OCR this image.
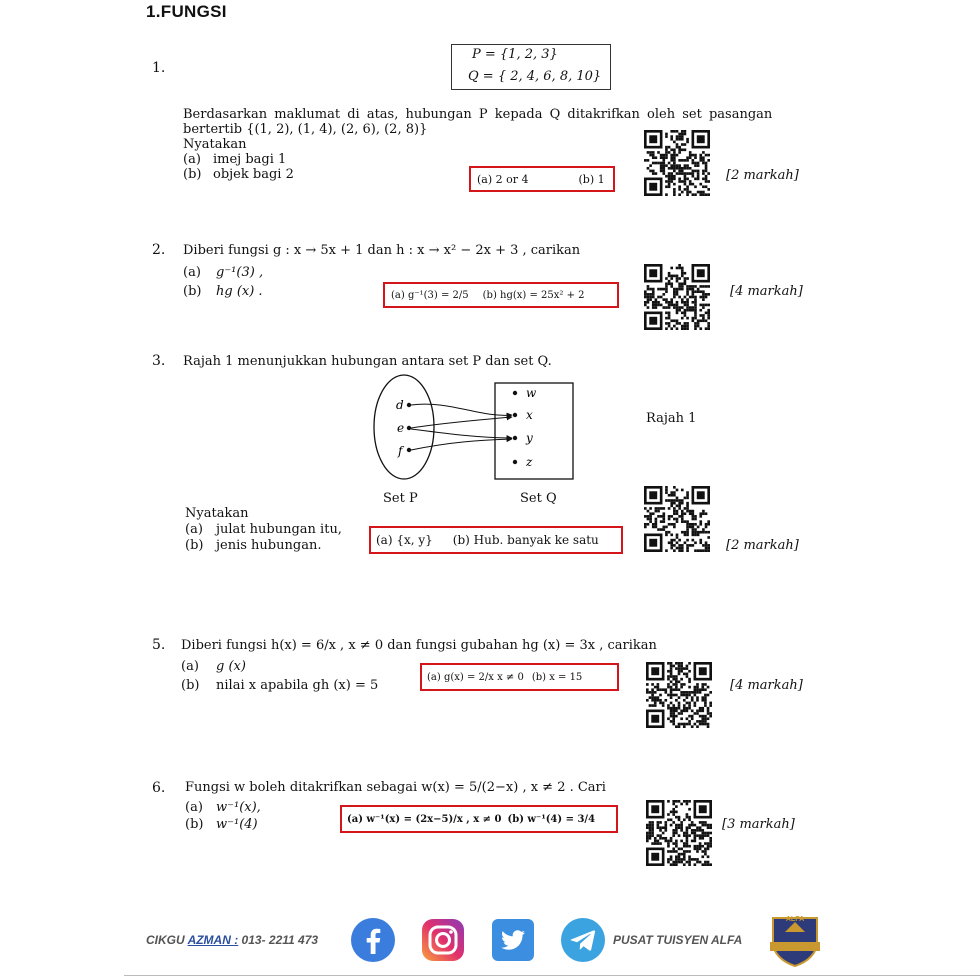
1.FUNGSI
1.
P = {1, 2, 3}
Q = { 2, 4, 6, 8, 10}
Berdasarkan maklumat di atas, hubungan P kepada Q ditakrifkan oleh set pasangan
bertertib {(1, 2), (1, 4), (2, 6), (2, 8)}
Nyatakan
(a) imej bagi 1
(b) objek bagi 2	(a) 2 or 4	(b) 1	[2 markah]
2. Diberi fungsi g : x → 5x + 1 dan h : x → x² − 2x + 3 , carikan
(a) g⁻¹(3) ,
(b) hg (x) .	(a) g⁻¹(3) = 2/5 (b) hg(x) = 25x² + 2	[4 markah]
3. Rajah 1 menunjukkan hubungan antara set P dan set Q.
d
e
f
w
x
y
z
Rajah 1
Set P	Set Q
Nyatakan
(a) julat hubungan itu,
(b) jenis hubungan.	(a) {x, y} (b) Hub. banyak ke satu	[2 markah]
5. Diberi fungsi h(x) = 6/x , x ≠ 0 dan fungsi gubahan hg (x) = 3x , carikan
(a) g (x)
(b) nilai x apabila gh (x) = 5
(a) g(x) = 2/x x ≠ 0 (b) x = 15
[4 markah]
6. Fungsi w boleh ditakrifkan sebagai w(x) = 5/(2−x) , x ≠ 2 . Cari
(a) w⁻¹(x),
(b) w⁻¹(4)	(a) w⁻¹(x) = (2x−5)/x , x ≠ 0 (b) w⁻¹(4) = 3/4	[3 markah]
CIKGU AZMAN : 013- 2211 473	PUSAT TUISYEN ALFA
ALFA
